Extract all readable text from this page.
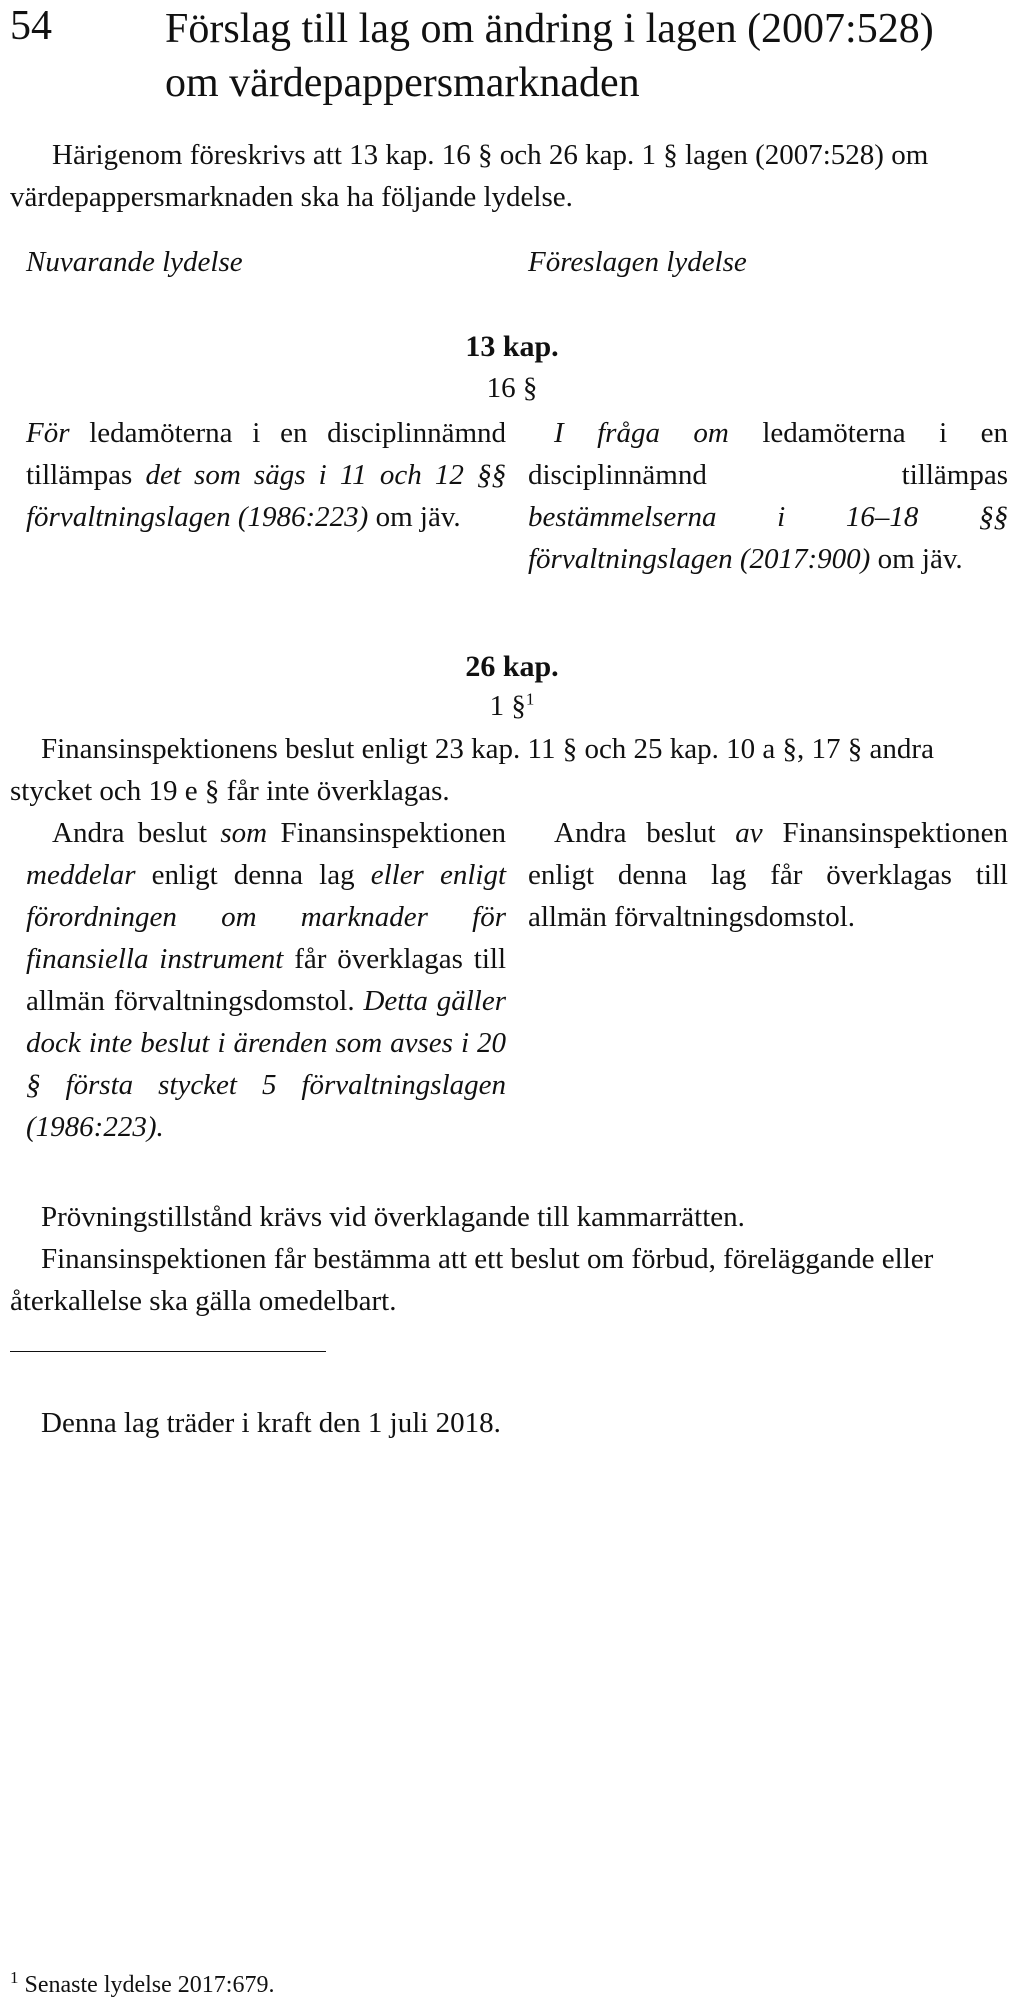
54	Förslag till lag om ändring i lagen (2007:528)
om värdepappersmarknaden
Härigenom föreskrivs att 13 kap. 16 § och 26 kap. 1 § lagen (2007:528) om värdepappersmarknaden ska ha följande lydelse.
Nuvarande lydelse	Föreslagen lydelse
13 kap.
16 §

För ledamöterna i en disciplinnämnd tillämpas det som sägs i 11 och 12 §§ förvaltningslagen (1986:223) om jäv.

I fråga om ledamöterna i en disciplinnämnd tillämpas bestämmelserna i 16–18 §§ förvaltningslagen (2017:900) om jäv.

26 kap.
1 §$^1$
Finansinspektionens beslut enligt 23 kap. 11 § och 25 kap. 10 a §, 17 § andra stycket och 19 e § får inte överklagas.

Andra beslut som Finansinspektionen meddelar enligt denna lag eller enligt förordningen om marknader för finansiella instrument får överklagas till allmän förvaltningsdomstol. Detta gäller dock inte beslut i ärenden som avses i 20 § första stycket 5 förvaltningslagen (1986:223).

Andra beslut av Finansinspektionen enligt denna lag får överklagas till allmän förvaltningsdomstol.

Prövningstillstånd krävs vid överklagande till kammarrätten.
Finansinspektionen får bestämma att ett beslut om förbud, föreläggande eller återkallelse ska gälla omedelbart.
Denna lag träder i kraft den 1 juli 2018.
$^1$ Senaste lydelse 2017:679.
